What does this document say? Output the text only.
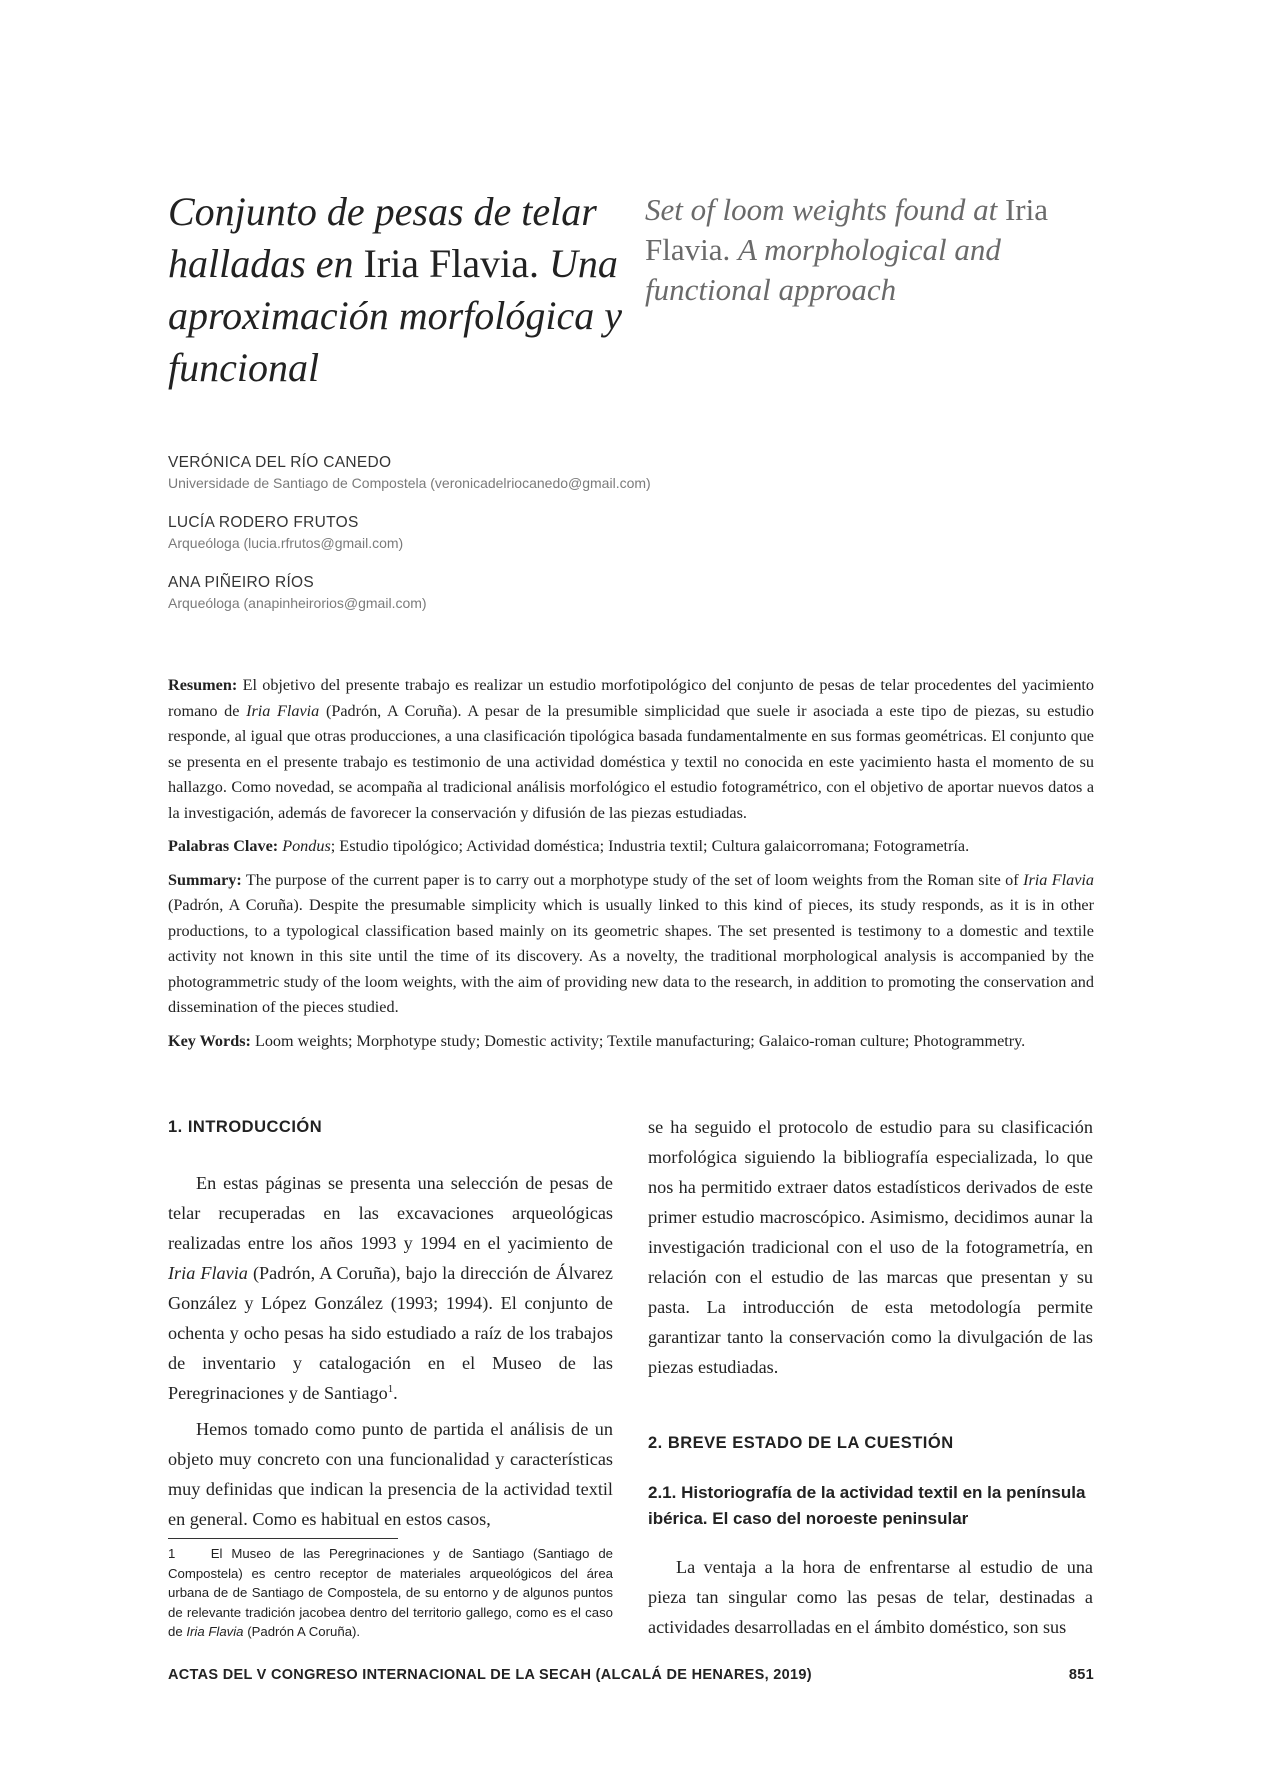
Conjunto de pesas de telar halladas en Iria Flavia. Una aproximación morfológica y funcional
Set of loom weights found at Iria Flavia. A morphological and functional approach
VERÓNICA DEL RÍO CANEDO
Universidade de Santiago de Compostela (veronicadelriocanedo@gmail.com)
LUCÍA RODERO FRUTOS
Arqueóloga (lucia.rfrutos@gmail.com)
ANA PIÑEIRO RÍOS
Arqueóloga (anapinheirorios@gmail.com)

Resumen: El objetivo del presente trabajo es realizar un estudio morfotipológico del conjunto de pesas de telar procedentes del yacimiento romano de Iria Flavia (Padrón, A Coruña). A pesar de la presumible simplicidad que suele ir asociada a este tipo de piezas, su estudio responde, al igual que otras producciones, a una clasificación tipológica basada fundamentalmente en sus formas geométricas. El conjunto que se presenta en el presente trabajo es testimonio de una actividad doméstica y textil no conocida en este yacimiento hasta el momento de su hallazgo. Como novedad, se acompaña al tradicional análisis morfológico el estudio fotogramétrico, con el objetivo de aportar nuevos datos a la investigación, además de favorecer la conservación y difusión de las piezas estudiadas.

Palabras Clave: Pondus; Estudio tipológico; Actividad doméstica; Industria textil; Cultura galaicorromana; Fotogrametría.

Summary: The purpose of the current paper is to carry out a morphotype study of the set of loom weights from the Roman site of Iria Flavia (Padrón, A Coruña). Despite the presumable simplicity which is usually linked to this kind of pieces, its study responds, as it is in other productions, to a typological classification based mainly on its geometric shapes. The set presented is testimony to a domestic and textile activity not known in this site until the time of its discovery. As a novelty, the traditional morphological analysis is accompanied by the photogrammetric study of the loom weights, with the aim of providing new data to the research, in addition to promoting the conservation and dissemination of the pieces studied.

Key Words: Loom weights; Morphotype study; Domestic activity; Textile manufacturing; Galaico-roman culture; Photogrammetry.

1. INTRODUCCIÓN

En estas páginas se presenta una selección de pesas de telar recuperadas en las excavaciones arqueológicas realizadas entre los años 1993 y 1994 en el yacimiento de Iria Flavia (Padrón, A Coruña), bajo la dirección de Álvarez González y López González (1993; 1994). El conjunto de ochenta y ocho pesas ha sido estudiado a raíz de los trabajos de inventario y catalogación en el Museo de las Peregrinaciones y de Santiago$^1$.

Hemos tomado como punto de partida el análisis de un objeto muy concreto con una funcionalidad y características muy definidas que indican la presencia de la actividad textil en general. Como es habitual en estos casos,

1	El Museo de las Peregrinaciones y de Santiago (Santiago de Compostela) es centro receptor de materiales arqueológicos del área urbana de de Santiago de Compostela, de su entorno y de algunos puntos de relevante tradición jacobea dentro del territorio gallego, como es el caso de Iria Flavia (Padrón A Coruña).

se ha seguido el protocolo de estudio para su clasificación morfológica siguiendo la bibliografía especializada, lo que nos ha permitido extraer datos estadísticos derivados de este primer estudio macroscópico. Asimismo, decidimos aunar la investigación tradicional con el uso de la fotogrametría, en relación con el estudio de las marcas que presentan y su pasta. La introducción de esta metodología permite garantizar tanto la conservación como la divulgación de las piezas estudiadas.

2. BREVE ESTADO DE LA CUESTIÓN
2.1. Historiografía de la actividad textil en la península ibérica. El caso del noroeste peninsular

La ventaja a la hora de enfrentarse al estudio de una pieza tan singular como las pesas de telar, destinadas a actividades desarrolladas en el ámbito doméstico, son sus

ACTAS DEL V CONGRESO INTERNACIONAL DE LA SECAH (ALCALÁ DE HENARES, 2019)	851
